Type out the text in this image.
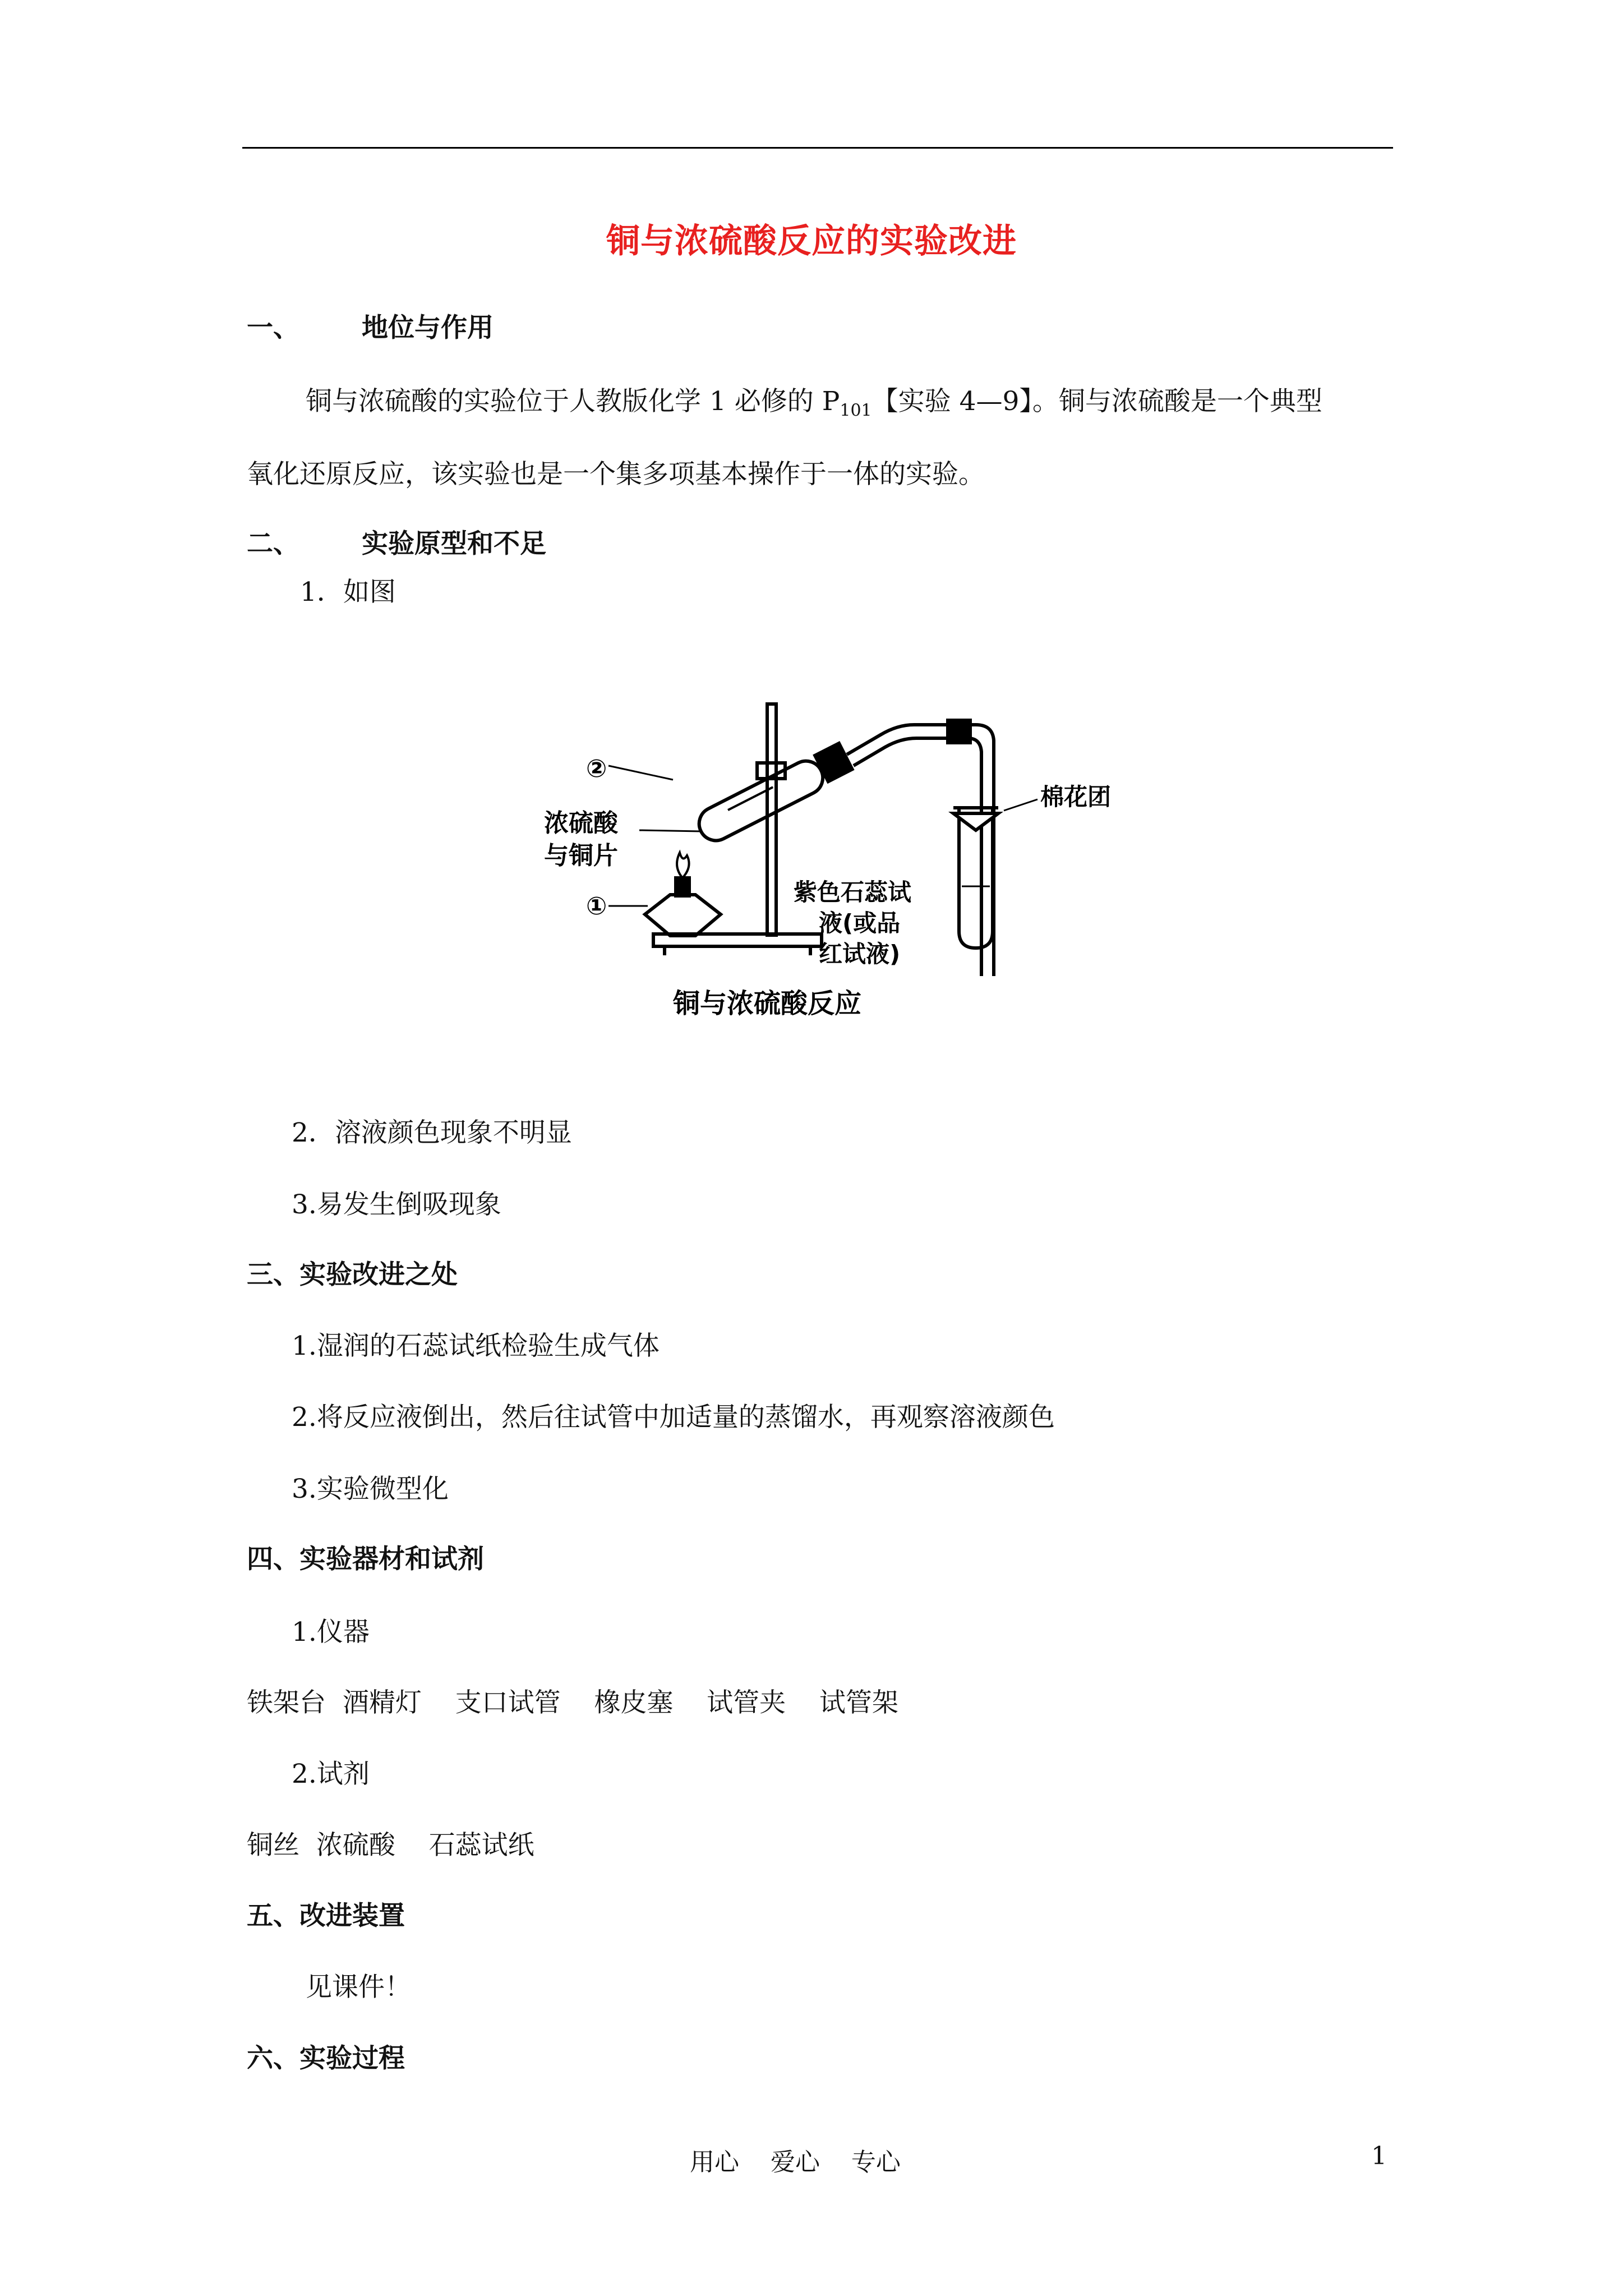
铜与浓硫酸反应的实验改进
一、 地位与作用
铜与浓硫酸的实验位于人教版化学 1 必修的 $P_{101}$【实验 4—9】。铜与浓硫酸是一个典型
氧化还原反应，该实验也是一个集多项基本操作于一体的实验。
二、 实验原型和不足
1．如图
②
①
浓硫酸
与铜片
棉花团
紫色石蕊试
液(或品
红试液)
铜与浓硫酸反应
2．溶液颜色现象不明显
3.易发生倒吸现象
三、实验改进之处
1.湿润的石蕊试纸检验生成气体
2.将反应液倒出，然后往试管中加适量的蒸馏水，再观察溶液颜色
3.实验微型化
四、实验器材和试剂
1.仪器
铁架台  酒精灯    支口试管    橡皮塞    试管夹    试管架
2.试剂
铜丝  浓硫酸    石蕊试纸
五、改进装置
见课件！
六、实验过程
用心    爱心    专心	1
